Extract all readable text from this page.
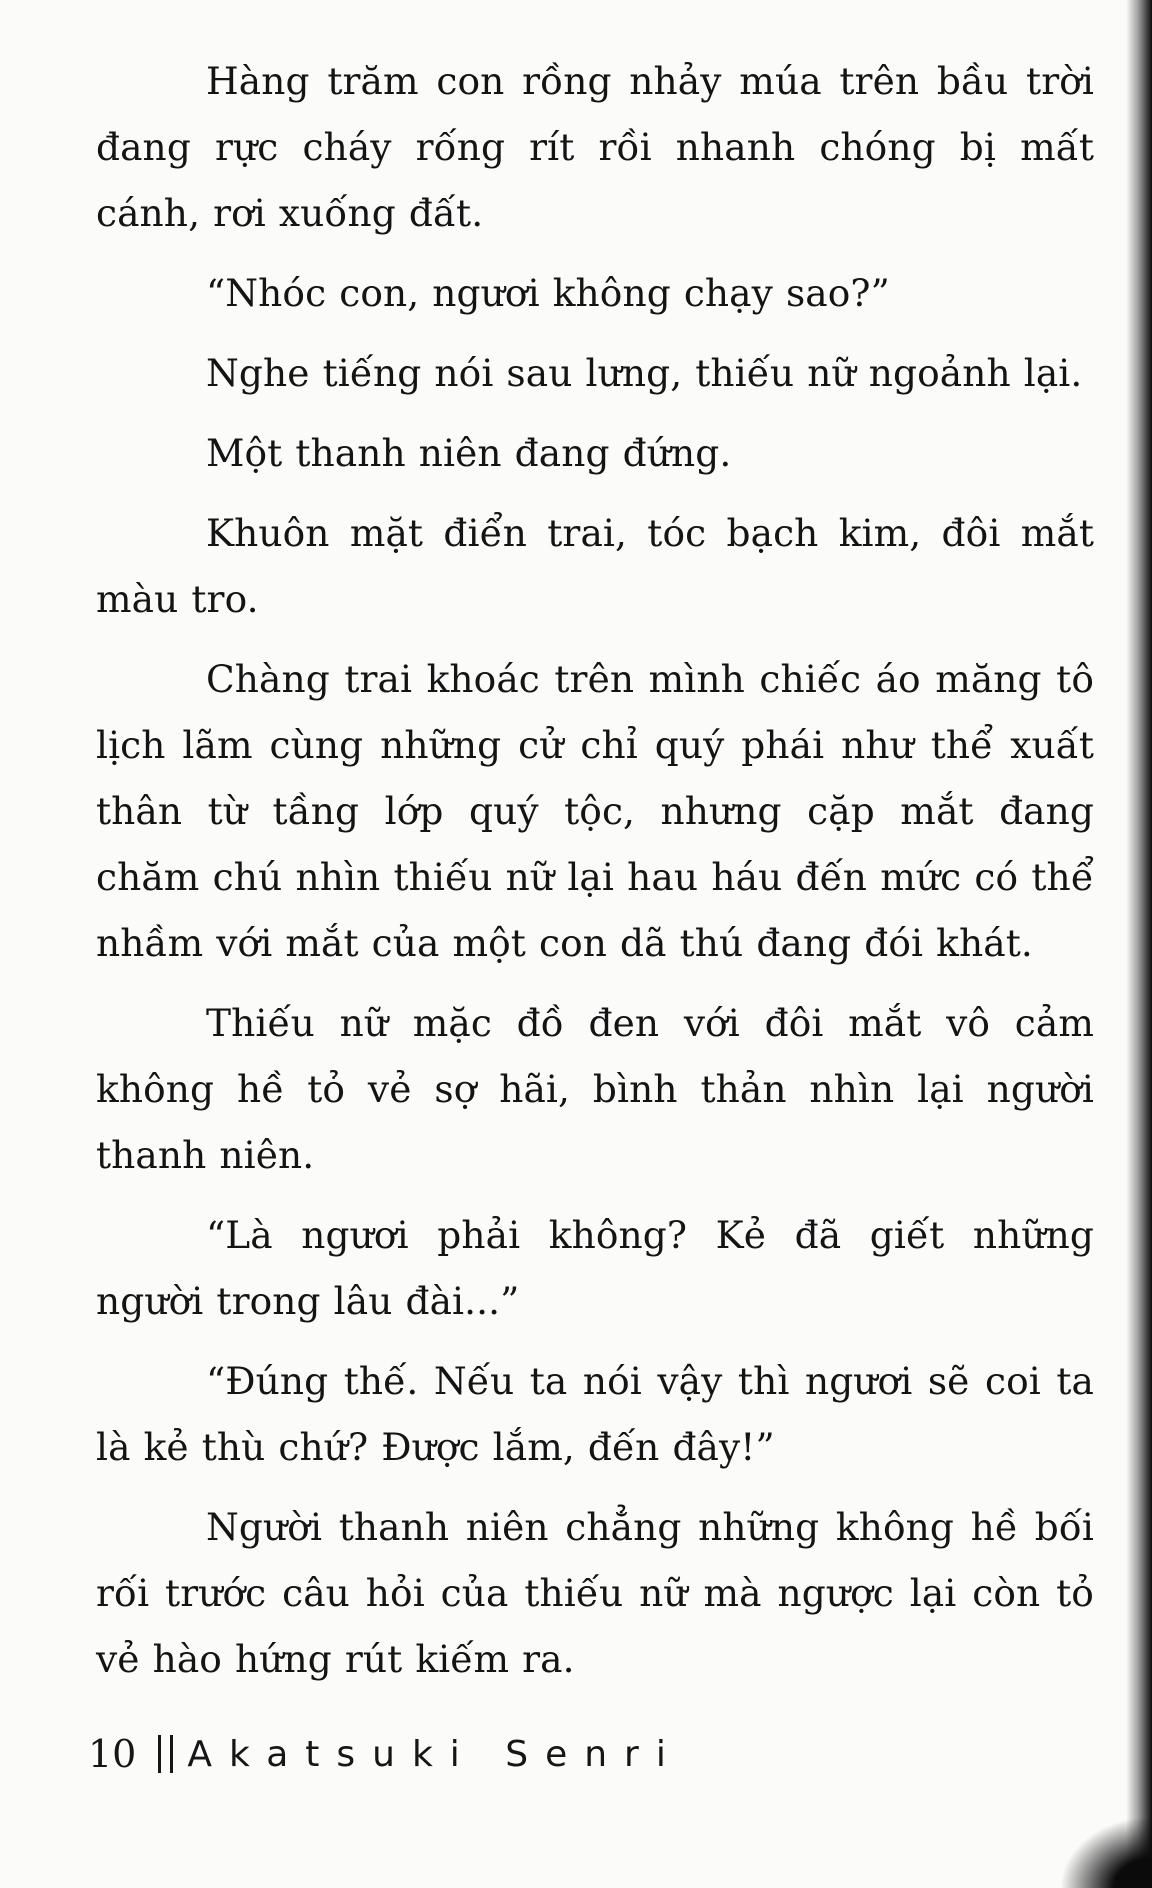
Hàng trăm con rồng nhảy múa trên bầu trời đang rực cháy rống rít rồi nhanh chóng bị mất cánh, rơi xuống đất.

“Nhóc con, ngươi không chạy sao?”

Nghe tiếng nói sau lưng, thiếu nữ ngoảnh lại.

Một thanh niên đang đứng.

Khuôn mặt điển trai, tóc bạch kim, đôi mắt màu tro.

Chàng trai khoác trên mình chiếc áo măng tô lịch lãm cùng những cử chỉ quý phái như thể xuất thân từ tầng lớp quý tộc, nhưng cặp mắt đang chăm chú nhìn thiếu nữ lại hau háu đến mức có thể nhầm với mắt của một con dã thú đang đói khát.

Thiếu nữ mặc đồ đen với đôi mắt vô cảm không hề tỏ vẻ sợ hãi, bình thản nhìn lại người thanh niên.

“Là ngươi phải không? Kẻ đã giết những người trong lâu đài...”

“Đúng thế. Nếu ta nói vậy thì ngươi sẽ coi ta là kẻ thù chứ? Được lắm, đến đây!”

Người thanh niên chẳng những không hề bối rối trước câu hỏi của thiếu nữ mà ngược lại còn tỏ vẻ hào hứng rút kiếm ra.

10 Akatsuki Senri
